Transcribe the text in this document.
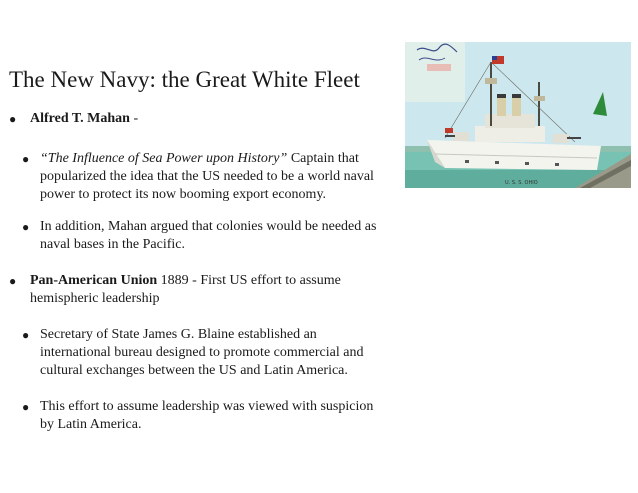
The New Navy: the Great White Fleet
● Alfred T. Mahan -
● “The Influence of Sea Power upon History” Captain that
popularized the idea that the US needed to be a world naval
power to protect its now booming export economy.
● In addition, Mahan argued that colonies would be needed as
naval bases in the Pacific.
● Pan-American Union 1889 - First US effort to assume
hemispheric leadership
● Secretary of State James G. Blaine established an
international bureau designed to promote commercial and
cultural exchanges between the US and Latin America.
● This effort to assume leadership was viewed with suspicion
by Latin America.
U. S. S. OHIO
